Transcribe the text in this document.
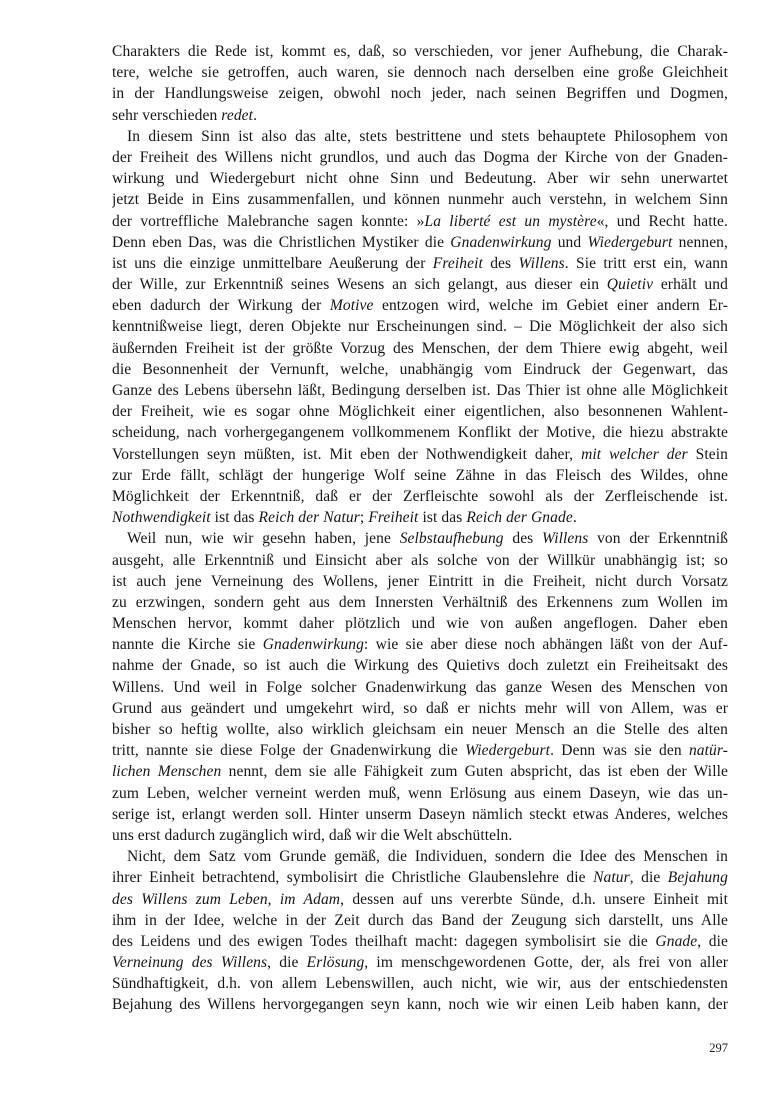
Charakters die Rede ist, kommt es, daß, so verschieden, vor jener Aufhebung, die Charak-
tere, welche sie getroffen, auch waren, sie dennoch nach derselben eine große Gleichheit
in der Handlungsweise zeigen, obwohl noch jeder, nach seinen Begriffen und Dogmen,
sehr verschieden redet.
In diesem Sinn ist also das alte, stets bestrittene und stets behauptete Philosophem von
der Freiheit des Willens nicht grundlos, und auch das Dogma der Kirche von der Gnaden-
wirkung und Wiedergeburt nicht ohne Sinn und Bedeutung. Aber wir sehn unerwartet
jetzt Beide in Eins zusammenfallen, und können nunmehr auch verstehn, in welchem Sinn
der vortreffliche Malebranche sagen konnte: »La liberté est un mystère«, und Recht hatte.
Denn eben Das, was die Christlichen Mystiker die Gnadenwirkung und Wiedergeburt nennen,
ist uns die einzige unmittelbare Aeußerung der Freiheit des Willens. Sie tritt erst ein, wann
der Wille, zur Erkenntniß seines Wesens an sich gelangt, aus dieser ein Quietiv erhält und
eben dadurch der Wirkung der Motive entzogen wird, welche im Gebiet einer andern Er-
kenntnißweise liegt, deren Objekte nur Erscheinungen sind. – Die Möglichkeit der also sich
äußernden Freiheit ist der größte Vorzug des Menschen, der dem Thiere ewig abgeht, weil
die Besonnenheit der Vernunft, welche, unabhängig vom Eindruck der Gegenwart, das
Ganze des Lebens übersehn läßt, Bedingung derselben ist. Das Thier ist ohne alle Möglichkeit
der Freiheit, wie es sogar ohne Möglichkeit einer eigentlichen, also besonnenen Wahlent-
scheidung, nach vorhergegangenem vollkommenem Konflikt der Motive, die hiezu abstrakte
Vorstellungen seyn müßten, ist. Mit eben der Nothwendigkeit daher, mit welcher der Stein
zur Erde fällt, schlägt der hungerige Wolf seine Zähne in das Fleisch des Wildes, ohne
Möglichkeit der Erkenntniß, daß er der Zerfleischte sowohl als der Zerfleischende ist.
Nothwendigkeit ist das Reich der Natur; Freiheit ist das Reich der Gnade.
Weil nun, wie wir gesehn haben, jene Selbstaufhebung des Willens von der Erkenntniß
ausgeht, alle Erkenntniß und Einsicht aber als solche von der Willkür unabhängig ist; so
ist auch jene Verneinung des Wollens, jener Eintritt in die Freiheit, nicht durch Vorsatz
zu erzwingen, sondern geht aus dem Innersten Verhältniß des Erkennens zum Wollen im
Menschen hervor, kommt daher plötzlich und wie von außen angeflogen. Daher eben
nannte die Kirche sie Gnadenwirkung: wie sie aber diese noch abhängen läßt von der Auf-
nahme der Gnade, so ist auch die Wirkung des Quietivs doch zuletzt ein Freiheitsakt des
Willens. Und weil in Folge solcher Gnadenwirkung das ganze Wesen des Menschen von
Grund aus geändert und umgekehrt wird, so daß er nichts mehr will von Allem, was er
bisher so heftig wollte, also wirklich gleichsam ein neuer Mensch an die Stelle des alten
tritt, nannte sie diese Folge der Gnadenwirkung die Wiedergeburt. Denn was sie den natür-
lichen Menschen nennt, dem sie alle Fähigkeit zum Guten abspricht, das ist eben der Wille
zum Leben, welcher verneint werden muß, wenn Erlösung aus einem Daseyn, wie das un-
serige ist, erlangt werden soll. Hinter unserm Daseyn nämlich steckt etwas Anderes, welches
uns erst dadurch zugänglich wird, daß wir die Welt abschütteln.
Nicht, dem Satz vom Grunde gemäß, die Individuen, sondern die Idee des Menschen in
ihrer Einheit betrachtend, symbolisirt die Christliche Glaubenslehre die Natur, die Bejahung
des Willens zum Leben, im Adam, dessen auf uns vererbte Sünde, d.h. unsere Einheit mit
ihm in der Idee, welche in der Zeit durch das Band der Zeugung sich darstellt, uns Alle
des Leidens und des ewigen Todes theilhaft macht: dagegen symbolisirt sie die Gnade, die
Verneinung des Willens, die Erlösung, im menschgewordenen Gotte, der, als frei von aller
Sündhaftigkeit, d.h. von allem Lebenswillen, auch nicht, wie wir, aus der entschiedensten
Bejahung des Willens hervorgegangen seyn kann, noch wie wir einen Leib haben kann, der
297
